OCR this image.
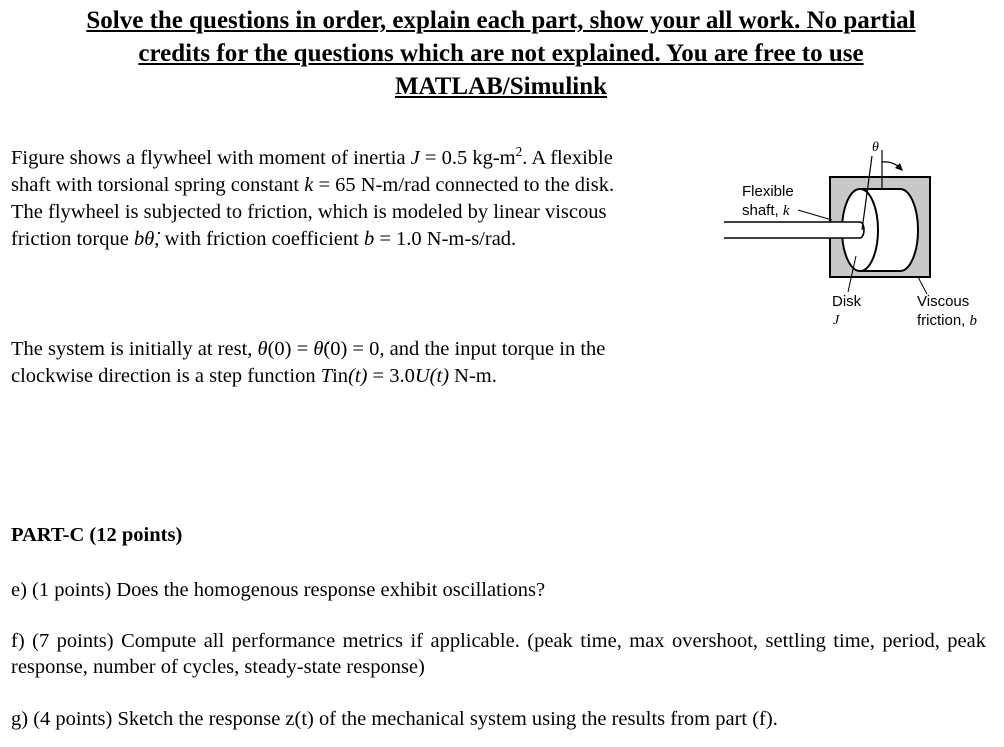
Solve the questions in order, explain each part, show your all work. No partial
credits for the questions which are not explained. You are free to use
MATLAB/Simulink
Figure shows a flywheel with moment of inertia J = 0.5 $kg-m^2$. A flexible
shaft with torsional spring constant k = 65 N-m/rad connected to the disk.
The flywheel is subjected to friction, which is modeled by linear viscous
friction torque bθ̇, with friction coefficient b = 1.0 N-m-s/rad.
θ
Flexible
shaft, k
Disk
J
Viscous
friction, b
The system is initially at rest, θ(0) = θ̇(0) = 0, and the input torque in the
clockwise direction is a step function Tin(t) = 3.0U(t) N-m.
PART-C (12 points)
e) (1 points) Does the homogenous response exhibit oscillations?
f) (7 points) Compute all performance metrics if applicable. (peak time, max overshoot, settling time, period, peak response, number of cycles, steady-state response)
g) (4 points) Sketch the response z(t) of the mechanical system using the results from part (f).
